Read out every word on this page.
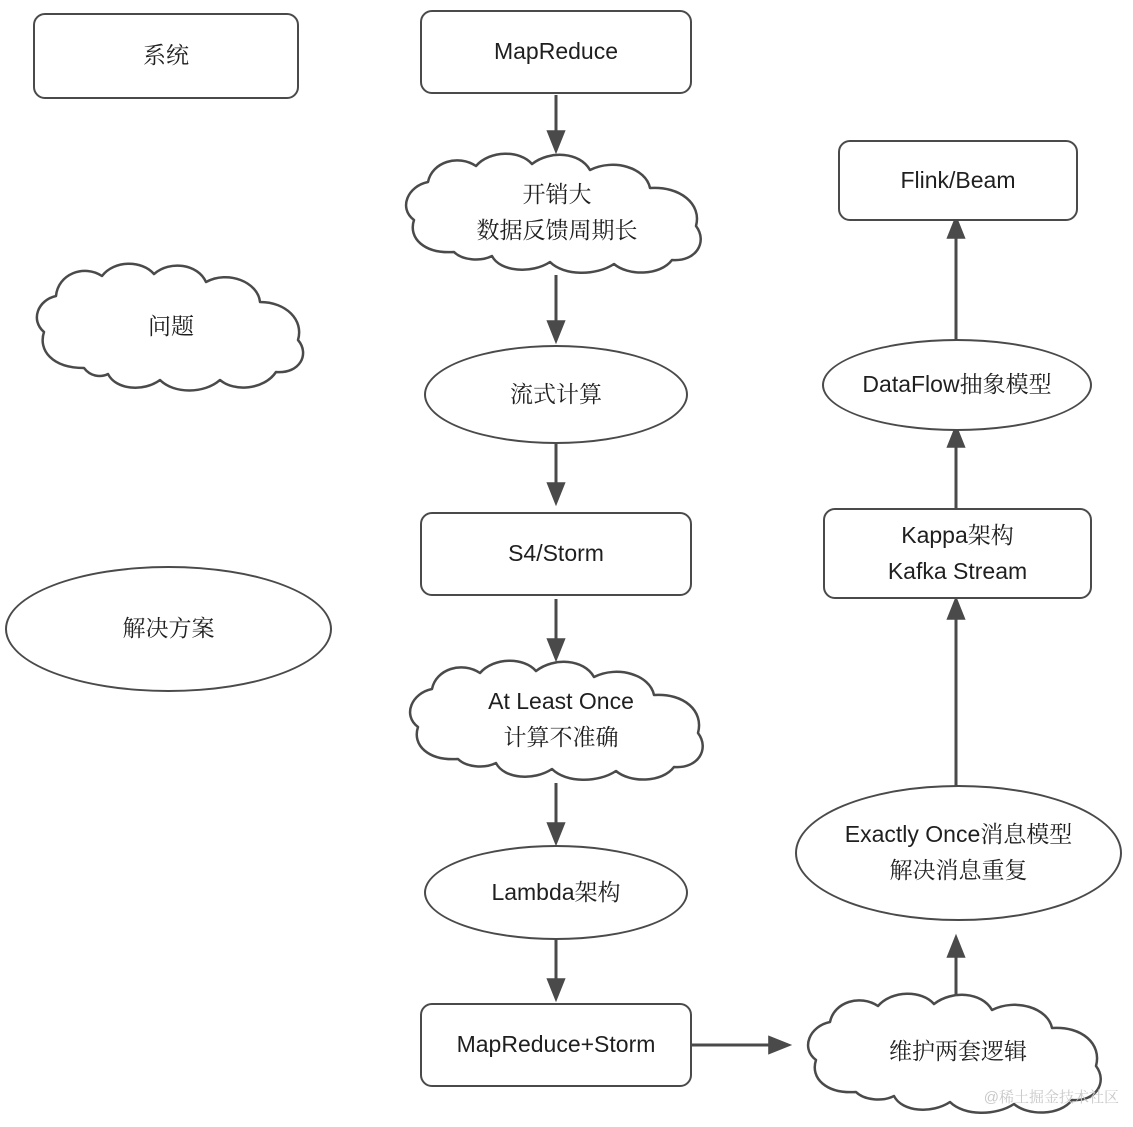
系统
问题
解决方案
MapReduce
开销大
数据反馈周期长
流式计算
S4/Storm
At Least Once
计算不准确
Lambda架构
MapReduce+Storm	维护两套逻辑
Exactly Once消息模型
解决消息重复
Kappa架构
Kafka Stream
DataFlow抽象模型
Flink/Beam
@稀土掘金技术社区
